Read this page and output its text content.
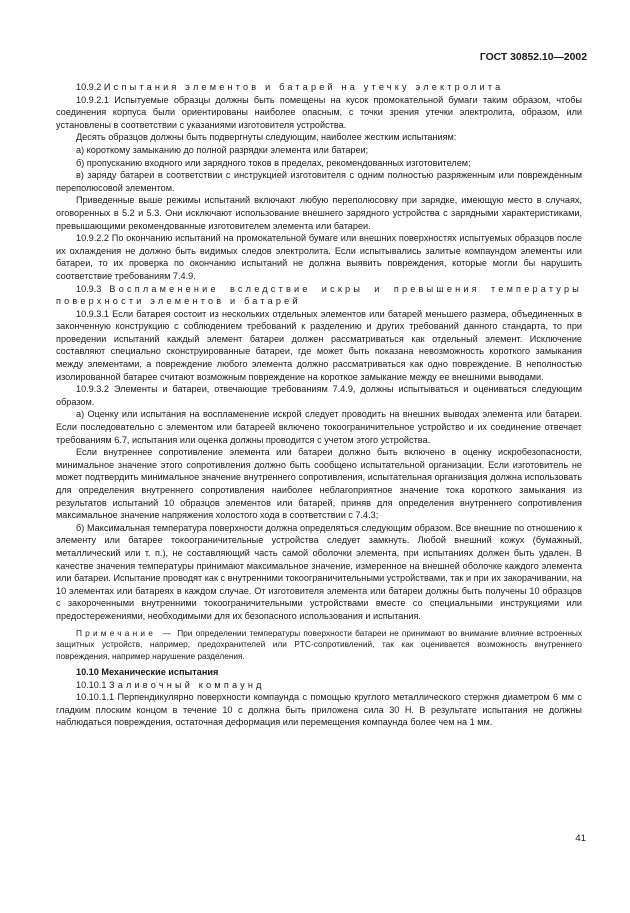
ГОСТ 30852.10—2002

10.9.2 Испытания элементов и батарей на утечку электролита

10.9.2.1 Испытуемые образцы должны быть помещены на кусок промокательной бумаги таким образом, чтобы соединения корпуса были ориентированы наиболее опасным, с точки зрения утечки электролита, образом, или установлены в соответствии с указаниями изготовителя устройства.

Десять образцов должны быть подвергнуты следующим, наиболее жестким испытаниям:

а) короткому замыканию до полной разрядки элемента или батареи;

б) пропусканию входного или зарядного токов в пределах, рекомендованных изготовителем;

в) заряду батареи в соответствии с инструкцией изготовителя с одним полностью разряженным или поврежденным переполюсовой элементом.

Приведенные выше режимы испытаний включают любую переполюсовку при зарядке, имеющую место в случаях, оговоренных в 5.2 и 5.3. Они исключают использование внешнего зарядного устройства с зарядными характеристиками, превышающими рекомендованные изготовителем элемента или батареи.

10.9.2.2 По окончанию испытаний на промокательной бумаге или внешних поверхностях испытуемых образцов после их охлаждения не должно быть видимых следов электролита. Если испытывались залитые компаундом элементы или батареи, то их проверка по окончанию испытаний не должна выявить повреждения, которые могли бы нарушить соответствие требованиям 7.4.9.

10.9.3 Воспламенение вследствие искры и превышения температуры поверхности элементов и батарей

10.9.3.1 Если батарея состоит из нескольких отдельных элементов или батарей меньшего размера, объединенных в законченную конструкцию с соблюдением требований к разделению и других требований данного стандарта, то при проведении испытаний каждый элемент батареи должен рассматриваться как отдельный элемент. Исключение составляют специально сконструированные батареи, где может быть показана невозможность короткого замыкания между элементами, а повреждение любого элемента должно рассматриваться как одно повреждение. В неполностью изолированной батарее считают возможным повреждение на короткое замыкание между ее внешними выводами.

10.9.3.2 Элементы и батареи, отвечающие требованиям 7.4.9, должны испытываться и оцениваться следующим образом.

а) Оценку или испытания на воспламенение искрой следует проводить на внешних выводах элемента или батареи. Если последовательно с элементом или батареей включено токоограничительное устройство и их соединение отвечает требованиям 6.7, испытания или оценка должны проводится с учетом этого устройства.

Если внутреннее сопротивление элемента или батареи должно быть включено в оценку искробезопасности, минимальное значение этого сопротивления должно быть сообщено испытательной организации. Если изготовитель не может подтвердить минимальное значение внутреннего сопротивления, испытательная организация должна использовать для определения внутреннего сопротивления наиболее неблагоприятное значение тока короткого замыкания из результатов испытаний 10 образцов элементов или батарей, приняв для определения внутреннего сопротивления максимальное значение напряжения холостого хода в соответствии с 7.4.3;

б) Максимальная температура поверхности должна определяться следующим образом. Все внешние по отношению к элементу или батарее токоограничительные устройства следует замкнуть. Любой внешний кожух (бумажный, металлический или т. п.), не составляющий часть самой оболочки элемента, при испытаниях должен быть удален. В качестве значения температуры принимают максимальное значение, измеренное на внешней оболочке каждого элемента или батареи. Испытание проводят как с внутренними токоограничительными устройствами, так и при их закорачивании, на 10 элементах или батареях в каждом случае. От изготовителя элемента или батареи должны быть получены 10 образцов с закороченными внутренними токоограничительными устройствами вместе со специальными инструкциями или предостережениями, необходимыми для их безопасного использования и испытания.

Примечание — При определении температуры поверхности батареи не принимают во внимание влияние встроенных защитных устройств, например, предохранителей или PTC-сопротивлений, так как оценивается возможность внутреннего повреждения, например нарушение разделения.

10.10 Механические испытания

10.10.1 Заливочный компаунд

10.10.1.1 Перпендикулярно поверхности компаунда с помощью круглого металлического стержня диаметром 6 мм с гладким плоским концом в течение 10 с должна быть приложена сила 30 Н. В результате испытания не должны наблюдаться повреждения, остаточная деформация или перемещения компаунда более чем на 1 мм.

41
